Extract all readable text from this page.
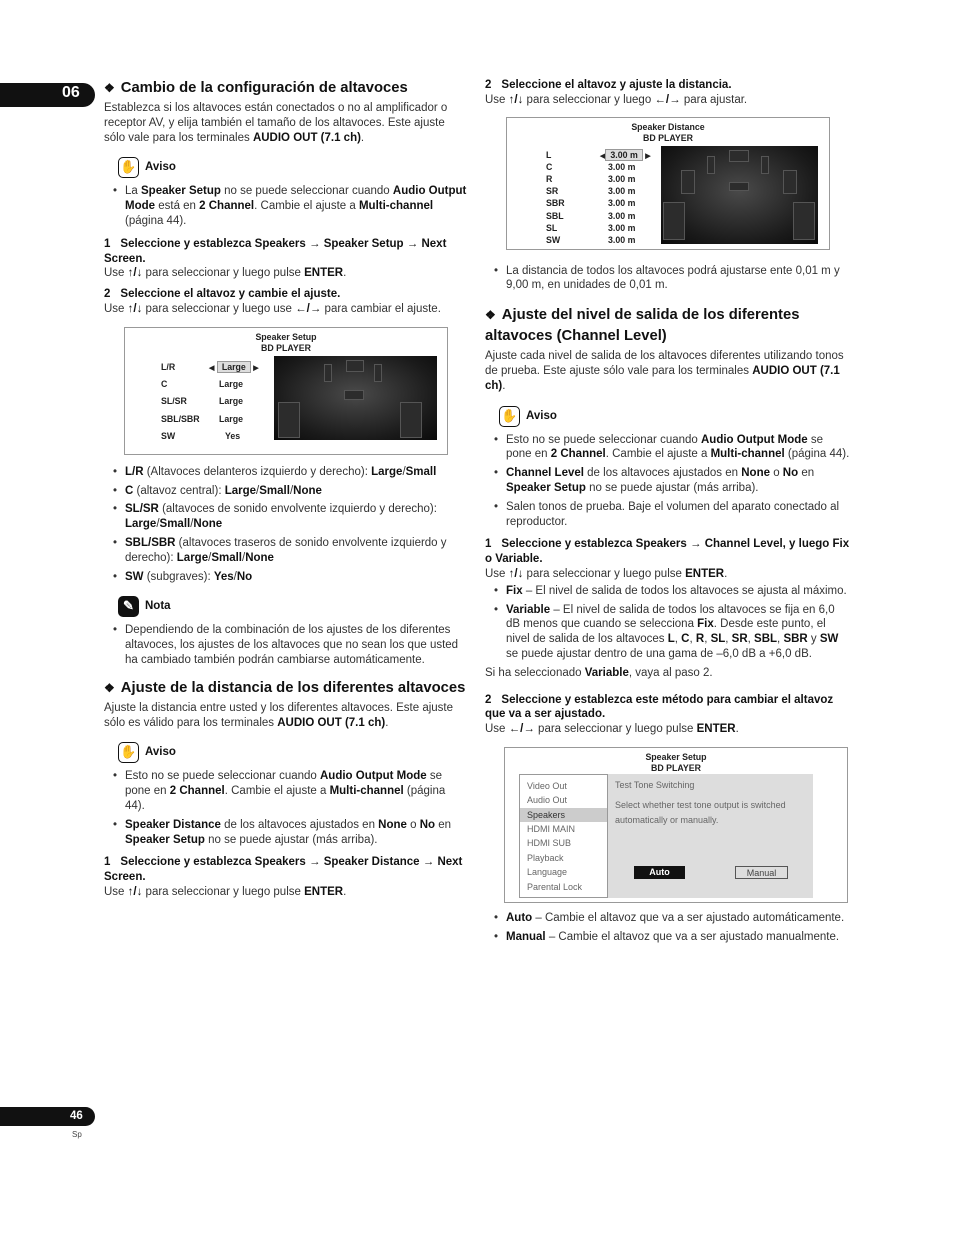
06	❖ Cambio de la configuración de altavoces

Establezca si los altavoces están conectados o no al amplificador o receptor AV, y elija también el tamaño de los altavoces. Este ajuste sólo vale para los terminales AUDIO OUT (7.1 ch).

✋ Aviso
• La Speaker Setup no se puede seleccionar cuando Audio Output Mode está en 2 Channel. Cambie el ajuste a Multi-channel (página 44).
1 Seleccione y establezca Speakers → Speaker Setup → Next Screen.

Use ↑/↓ para seleccionar y luego pulse ENTER.

2 Seleccione el altavoz y cambie el ajuste.

Use ↑/↓ para seleccionar y luego use ←/→ para cambiar el ajuste.

Speaker Setup
BD PLAYER
L/R	◀ Large ▶
C	Large
SL/SR	Large
SBL/SBR Large
SW	Yes
• L/R (Altavoces delanteros izquierdo y derecho): Large/Small
• C (altavoz central): Large/Small/None
• SL/SR (altavoces de sonido envolvente izquierdo y derecho): Large/Small/None
• SBL/SBR (altavoces traseros de sonido envolvente izquierdo y derecho): Large/Small/None
• SW (subgraves): Yes/No
✎ Nota
• Dependiendo de la combinación de los ajustes de los diferentes altavoces, los ajustes de los altavoces que no sean los que usted ha cambiado también podrán cambiarse automáticamente.
❖ Ajuste de la distancia de los diferentes altavoces

Ajuste la distancia entre usted y los diferentes altavoces. Este ajuste sólo es válido para los terminales AUDIO OUT (7.1 ch).

✋ Aviso
• Esto no se puede seleccionar cuando Audio Output Mode se pone en 2 Channel. Cambie el ajuste a Multi-channel (página 44).
• Speaker Distance de los altavoces ajustados en None o No en Speaker Setup no se puede ajustar (más arriba).
1 Seleccione y establezca Speakers → Speaker Distance → Next Screen.

Use ↑/↓ para seleccionar y luego pulse ENTER.

2 Seleccione el altavoz y ajuste la distancia.

Use ↑/↓ para seleccionar y luego ←/→ para ajustar.

Speaker Distance
BD PLAYER
L	◀ 3.00 m ▶
C	3.00 m
R	3.00 m
SR	3.00 m
SBR	3.00 m
SBL	3.00 m
SL	3.00 m
SW	3.00 m
• La distancia de todos los altavoces podrá ajustarse ente 0,01 m y 9,00 m, en unidades de 0,01 m.
❖ Ajuste del nivel de salida de los diferentes altavoces (Channel Level)

Ajuste cada nivel de salida de los altavoces diferentes utilizando tonos de prueba. Este ajuste sólo vale para los terminales AUDIO OUT (7.1 ch).

✋ Aviso
• Esto no se puede seleccionar cuando Audio Output Mode se pone en 2 Channel. Cambie el ajuste a Multi-channel (página 44).
• Channel Level de los altavoces ajustados en None o No en Speaker Setup no se puede ajustar (más arriba).
• Salen tonos de prueba. Baje el volumen del aparato conectado al reproductor.
1 Seleccione y establezca Speakers → Channel Level, y luego Fix o Variable.

Use ↑/↓ para seleccionar y luego pulse ENTER.

• Fix – El nivel de salida de todos los altavoces se ajusta al máximo.
• Variable – El nivel de salida de todos los altavoces se fija en 6,0 dB menos que cuando se selecciona Fix. Desde este punto, el nivel de salida de los altavoces L, C, R, SL, SR, SBL, SBR y SW se puede ajustar dentro de una gama de –6,0 dB a +6,0 dB.

Si ha seleccionado Variable, vaya al paso 2.

2 Seleccione y establezca este método para cambiar el altavoz que va a ser ajustado.

Use ←/→ para seleccionar y luego pulse ENTER.

Speaker Setup
BD PLAYER
Video Out
Audio Out
Speakers
HDMI MAIN
HDMI SUB
Playback
Language
Parental Lock
Test Tone Switching
Select whether test tone output is switched automatically or manually.
Auto	Manual
• Auto – Cambie el altavoz que va a ser ajustado automáticamente.
• Manual – Cambie el altavoz que va a ser ajustado manualmente.
46
Sp
